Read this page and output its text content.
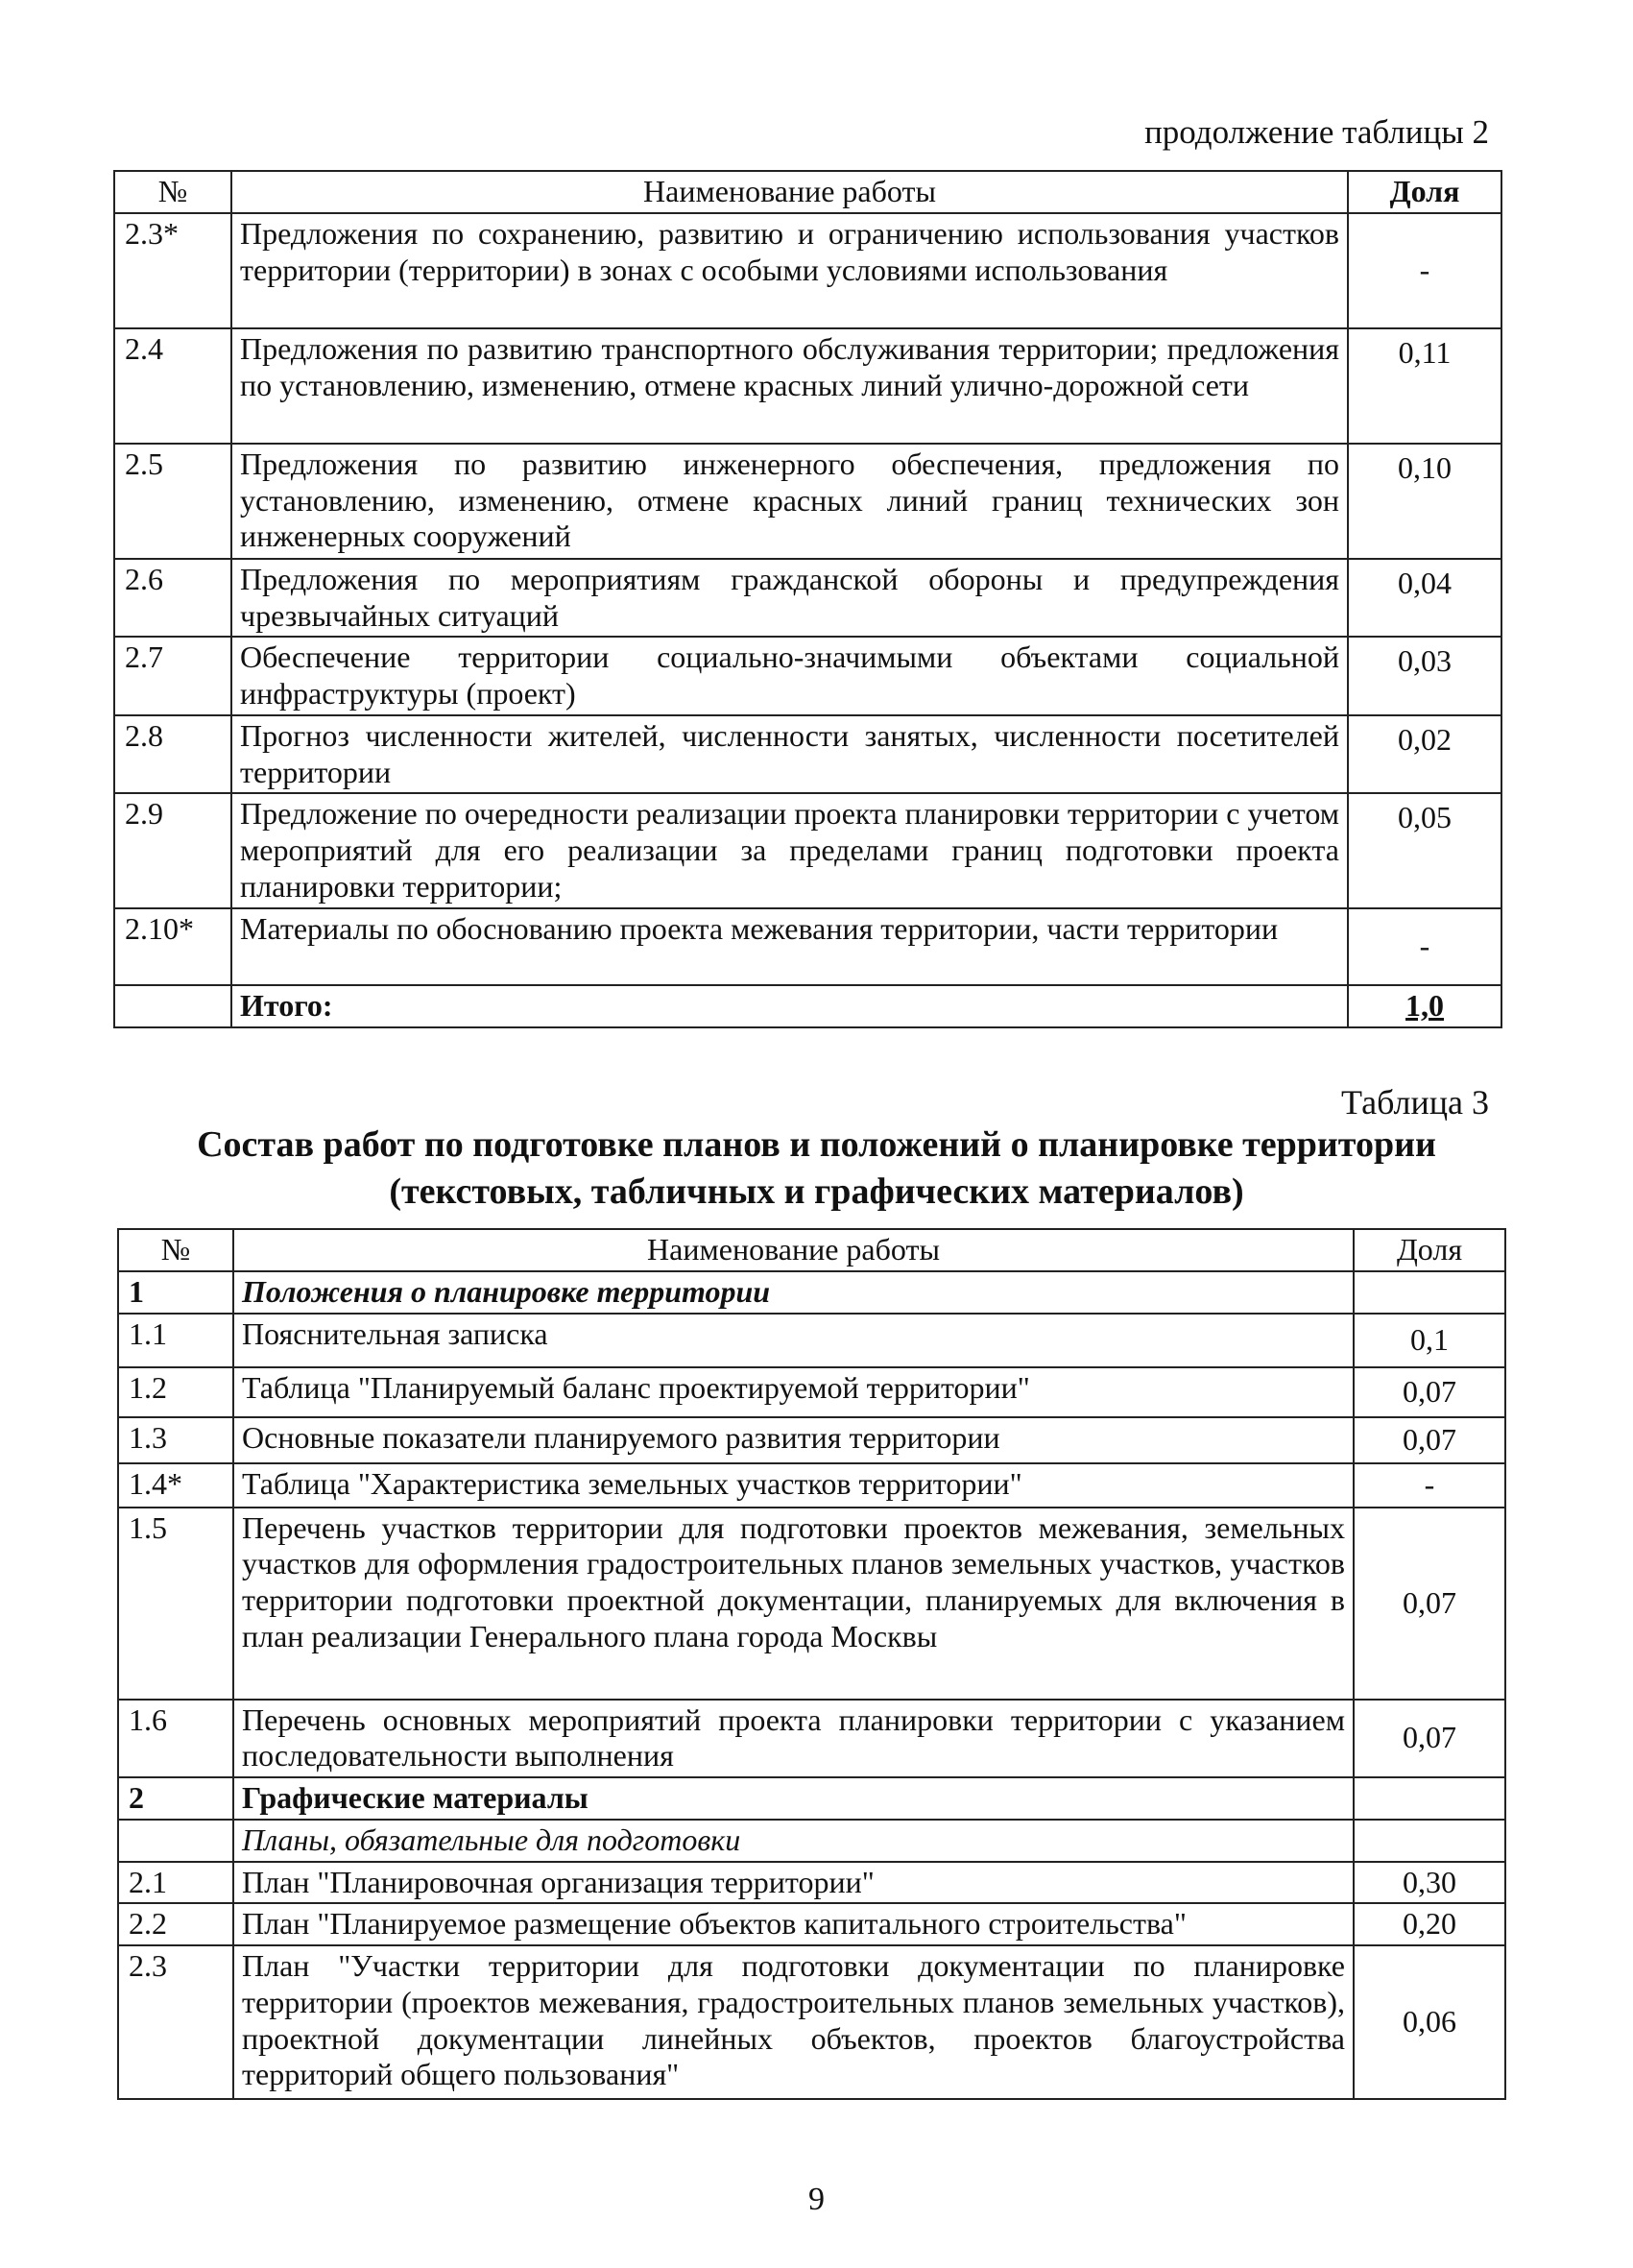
продолжение таблицы 2
№	Наименование работы	Доля
2.3*	Предложения по сохранению, развитию и ограничению использования участков территории (территории) в зонах с особыми условиями использования	-
2.4	Предложения по развитию транспортного обслуживания территории; предложения по установлению, изменению, отмене красных линий улично-дорожной сети	0,11
2.5	Предложения по развитию инженерного обеспечения, предложения по установлению, изменению, отмене красных линий границ технических зон инженерных сооружений	0,10
2.6	Предложения по мероприятиям гражданской обороны и предупреждения чрезвычайных ситуаций	0,04
2.7	Обеспечение территории социально-значимыми объектами социальной инфраструктуры (проект)	0,03
2.8	Прогноз численности жителей, численности занятых, численности посетителей территории	0,02
2.9	Предложение по очередности реализации проекта планировки территории с учетом мероприятий для его реализации за пределами границ подготовки проекта планировки территории;	0,05
2.10*	Материалы по обоснованию проекта межевания территории, части территории	-
	Итого:	1,0
Таблица 3
Состав работ по подготовке планов и положений о планировке территории
(текстовых, табличных и графических материалов)
№	Наименование работы	Доля
1	Положения о планировке территории	
1.1	Пояснительная записка	0,1
1.2	Таблица "Планируемый баланс проектируемой территории"	0,07
1.3	Основные показатели планируемого развития территории	0,07
1.4*	Таблица "Характеристика земельных участков территории"	-
1.5	Перечень участков территории для подготовки проектов межевания, земельных участков для оформления градостроительных планов земельных участков, участков территории подготовки проектной документации, планируемых для включения в план реализации Генерального плана города Москвы	0,07
1.6	Перечень основных мероприятий проекта планировки территории с указанием последовательности выполнения	0,07
2	Графические материалы	
	Планы, обязательные для подготовки	
2.1	План "Планировочная организация территории"	0,30
2.2	План "Планируемое размещение объектов капитального строительства"	0,20
2.3	План "Участки территории для подготовки документации по планировке территории (проектов межевания, градостроительных планов земельных участков), проектной документации линейных объектов, проектов благоустройства территорий общего пользования"	0,06
9
